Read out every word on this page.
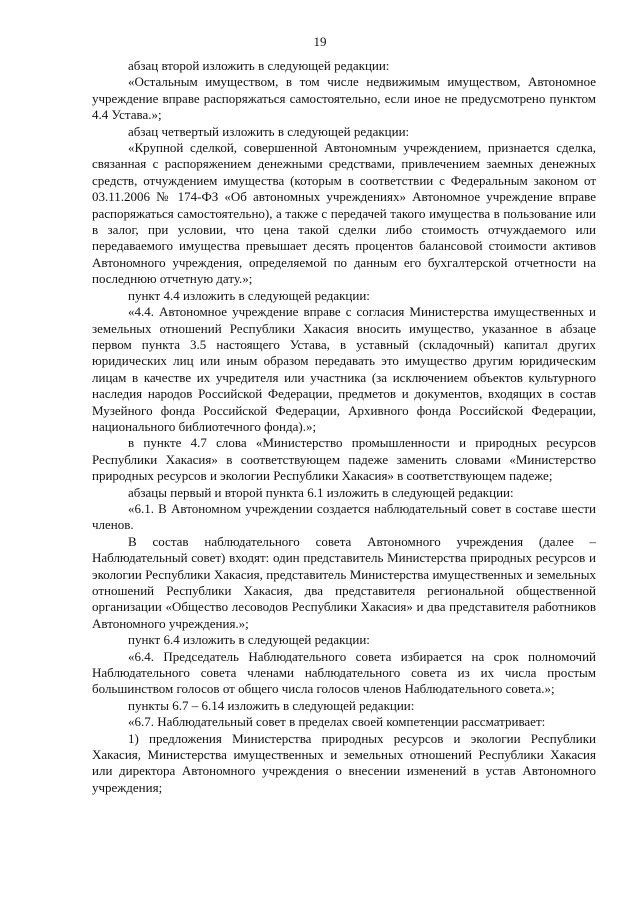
19

абзац второй изложить в следующей редакции:

«Остальным имуществом, в том числе недвижимым имуществом, Автономное учреждение вправе распоряжаться самостоятельно, если иное не предусмотрено пунктом 4.4 Устава.»;

абзац четвертый изложить в следующей редакции:

«Крупной сделкой, совершенной Автономным учреждением, признается сделка, связанная с распоряжением денежными средствами, привлечением заемных денежных средств, отчуждением имущества (которым в соответствии с Федеральным законом от 03.11.2006 № 174-ФЗ «Об автономных учреждениях» Автономное учреждение вправе распоряжаться самостоятельно), а также с передачей такого имущества в пользование или в залог, при условии, что цена такой сделки либо стоимость отчуждаемого или передаваемого имущества превышает десять процентов балансовой стоимости активов Автономного учреждения, определяемой по данным его бухгалтерской отчетности на последнюю отчетную дату.»;

пункт 4.4 изложить в следующей редакции:

«4.4. Автономное учреждение вправе с согласия Министерства имущественных и земельных отношений Республики Хакасия вносить имущество, указанное в абзаце первом пункта 3.5 настоящего Устава, в уставный (складочный) капитал других юридических лиц или иным образом передавать это имущество другим юридическим лицам в качестве их учредителя или участника (за исключением объектов культурного наследия народов Российской Федерации, предметов и документов, входящих в состав Музейного фонда Российской Федерации, Архивного фонда Российской Федерации, национального библиотечного фонда).»;

в пункте 4.7 слова «Министерство промышленности и природных ресурсов Республики Хакасия» в соответствующем падеже заменить словами «Министерство природных ресурсов и экологии Республики Хакасия» в соответствующем падеже;

абзацы первый и второй пункта 6.1 изложить в следующей редакции:

«6.1. В Автономном учреждении создается наблюдательный совет в составе шести членов.

В состав наблюдательного совета Автономного учреждения (далее – Наблюдательный совет) входят: один представитель Министерства природных ресурсов и экологии Республики Хакасия, представитель Министерства имущественных и земельных отношений Республики Хакасия, два представителя региональной общественной организации «Общество лесоводов Республики Хакасия» и два представителя работников Автономного учреждения.»;

пункт 6.4 изложить в следующей редакции:

«6.4. Председатель Наблюдательного совета избирается на срок полномочий Наблюдательного совета членами наблюдательного совета из их числа простым большинством голосов от общего числа голосов членов Наблюдательного совета.»;

пункты 6.7 – 6.14 изложить в следующей редакции:

«6.7. Наблюдательный совет в пределах своей компетенции рассматривает:

1) предложения Министерства природных ресурсов и экологии Республики Хакасия, Министерства имущественных и земельных отношений Республики Хакасия или директора Автономного учреждения о внесении изменений в устав Автономного учреждения;
